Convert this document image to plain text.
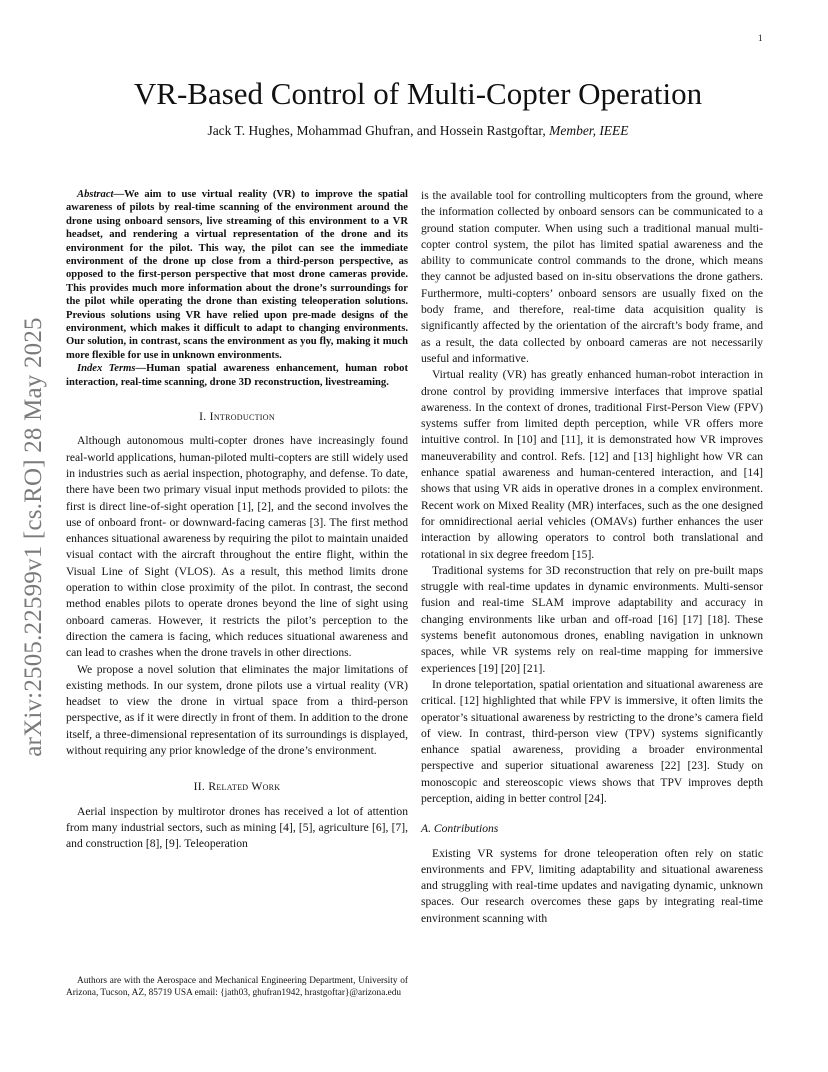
1
arXiv:2505.22599v1 [cs.RO] 28 May 2025
VR-Based Control of Multi-Copter Operation
Jack T. Hughes, Mohammad Ghufran, and Hossein Rastgoftar, Member, IEEE

Abstract—We aim to use virtual reality (VR) to improve the spatial awareness of pilots by real-time scanning of the environment around the drone using onboard sensors, live streaming of this environment to a VR headset, and rendering a virtual representation of the drone and its environment for the pilot. This way, the pilot can see the immediate environment of the drone up close from a third-person perspective, as opposed to the first-person perspective that most drone cameras provide. This provides much more information about the drone’s surroundings for the pilot while operating the drone than existing teleoperation solutions. Previous solutions using VR have relied upon pre-made designs of the environment, which makes it difficult to adapt to changing environments. Our solution, in contrast, scans the environment as you fly, making it much more flexible for use in unknown environments.

Index Terms—Human spatial awareness enhancement, human robot interaction, real-time scanning, drone 3D reconstruction, livestreaming.

I. Introduction

Although autonomous multi-copter drones have increasingly found real-world applications, human-piloted multi-copters are still widely used in industries such as aerial inspection, photography, and defense. To date, there have been two primary visual input methods provided to pilots: the first is direct line-of-sight operation [1], [2], and the second involves the use of onboard front- or downward-facing cameras [3]. The first method enhances situational awareness by requiring the pilot to maintain unaided visual contact with the aircraft throughout the entire flight, within the Visual Line of Sight (VLOS). As a result, this method limits drone operation to within close proximity of the pilot. In contrast, the second method enables pilots to operate drones beyond the line of sight using onboard cameras. However, it restricts the pilot’s perception to the direction the camera is facing, which reduces situational awareness and can lead to crashes when the drone travels in other directions.

We propose a novel solution that eliminates the major limitations of existing methods. In our system, drone pilots use a virtual reality (VR) headset to view the drone in virtual space from a third-person perspective, as if it were directly in front of them. In addition to the drone itself, a three-dimensional representation of its surroundings is displayed, without requiring any prior knowledge of the drone’s environment.

II. Related Work

Aerial inspection by multirotor drones has received a lot of attention from many industrial sectors, such as mining [4], [5], agriculture [6], [7], and construction [8], [9]. Teleoperation

Authors are with the Aerospace and Mechanical Engineering Department, University of Arizona, Tucson, AZ, 85719 USA email: {jath03, ghufran1942, hrastgoftar}@arizona.edu

is the available tool for controlling multicopters from the ground, where the information collected by onboard sensors can be communicated to a ground station computer. When using such a traditional manual multi-copter control system, the pilot has limited spatial awareness and the ability to communicate control commands to the drone, which means they cannot be adjusted based on in-situ observations the drone gathers. Furthermore, multi-copters’ onboard sensors are usually fixed on the body frame, and therefore, real-time data acquisition quality is significantly affected by the orientation of the aircraft’s body frame, and as a result, the data collected by onboard cameras are not necessarily useful and informative.

Virtual reality (VR) has greatly enhanced human-robot interaction in drone control by providing immersive interfaces that improve spatial awareness. In the context of drones, traditional First-Person View (FPV) systems suffer from limited depth perception, while VR offers more intuitive control. In [10] and [11], it is demonstrated how VR improves maneuverability and control. Refs. [12] and [13] highlight how VR can enhance spatial awareness and human-centered interaction, and [14] shows that using VR aids in operative drones in a complex environment. Recent work on Mixed Reality (MR) interfaces, such as the one designed for omnidirectional aerial vehicles (OMAVs) further enhances the user interaction by allowing operators to control both translational and rotational in six degree freedom [15].

Traditional systems for 3D reconstruction that rely on pre-built maps struggle with real-time updates in dynamic environments. Multi-sensor fusion and real-time SLAM improve adaptability and accuracy in changing environments like urban and off-road [16] [17] [18]. These systems benefit autonomous drones, enabling navigation in unknown spaces, while VR systems rely on real-time mapping for immersive experiences [19] [20] [21].

In drone teleportation, spatial orientation and situational awareness are critical. [12] highlighted that while FPV is immersive, it often limits the operator’s situational awareness by restricting to the drone’s camera field of view. In contrast, third-person view (TPV) systems significantly enhance spatial awareness, providing a broader environmental perspective and superior situational awareness [22] [23]. Study on monoscopic and stereoscopic views shows that TPV improves depth perception, aiding in better control [24].

A. Contributions

Existing VR systems for drone teleoperation often rely on static environments and FPV, limiting adaptability and situational awareness and struggling with real-time updates and navigating dynamic, unknown spaces. Our research overcomes these gaps by integrating real-time environment scanning with
